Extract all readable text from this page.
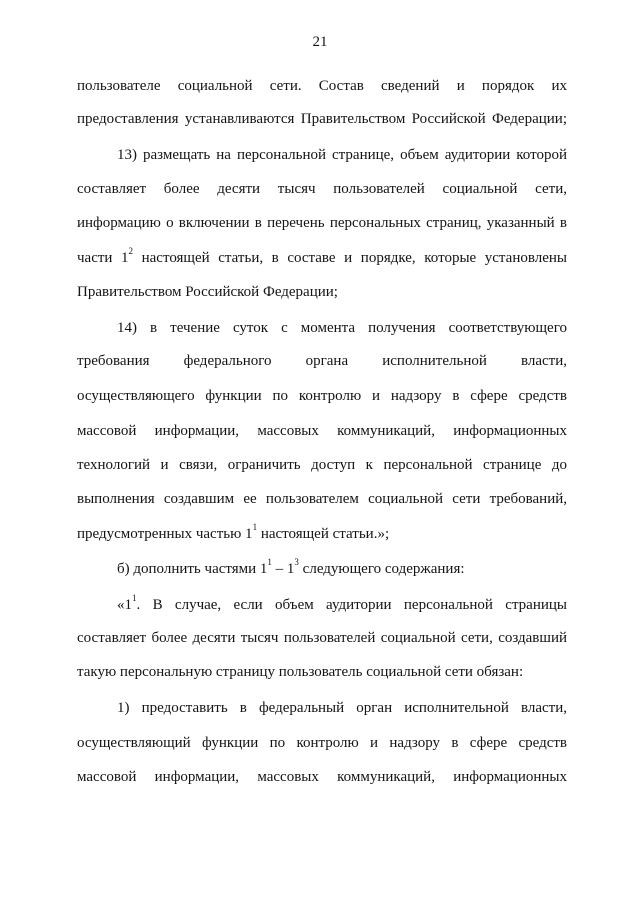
21
пользователе социальной сети. Состав сведений и порядок их
предоставления устанавливаются Правительством Российской Федерации;
13) размещать на персональной странице, объем аудитории которой
составляет более десяти тысяч пользователей социальной сети,
информацию о включении в перечень персональных страниц, указанный в
части $1^2$ настоящей статьи, в составе и порядке, которые установлены
Правительством Российской Федерации;
14) в течение суток с момента получения соответствующего
требования федерального органа исполнительной власти,
осуществляющего функции по контролю и надзору в сфере средств
массовой информации, массовых коммуникаций, информационных
технологий и связи, ограничить доступ к персональной странице до
выполнения создавшим ее пользователем социальной сети требований,
предусмотренных частью $1^1$ настоящей статьи.»;
б) дополнить частями $1^1 - 1^3$ следующего содержания:
«$1^1$. В случае, если объем аудитории персональной страницы
составляет более десяти тысяч пользователей социальной сети, создавший
такую персональную страницу пользователь социальной сети обязан:
1) предоставить в федеральный орган исполнительной власти,
осуществляющий функции по контролю и надзору в сфере средств
массовой информации, массовых коммуникаций, информационных
